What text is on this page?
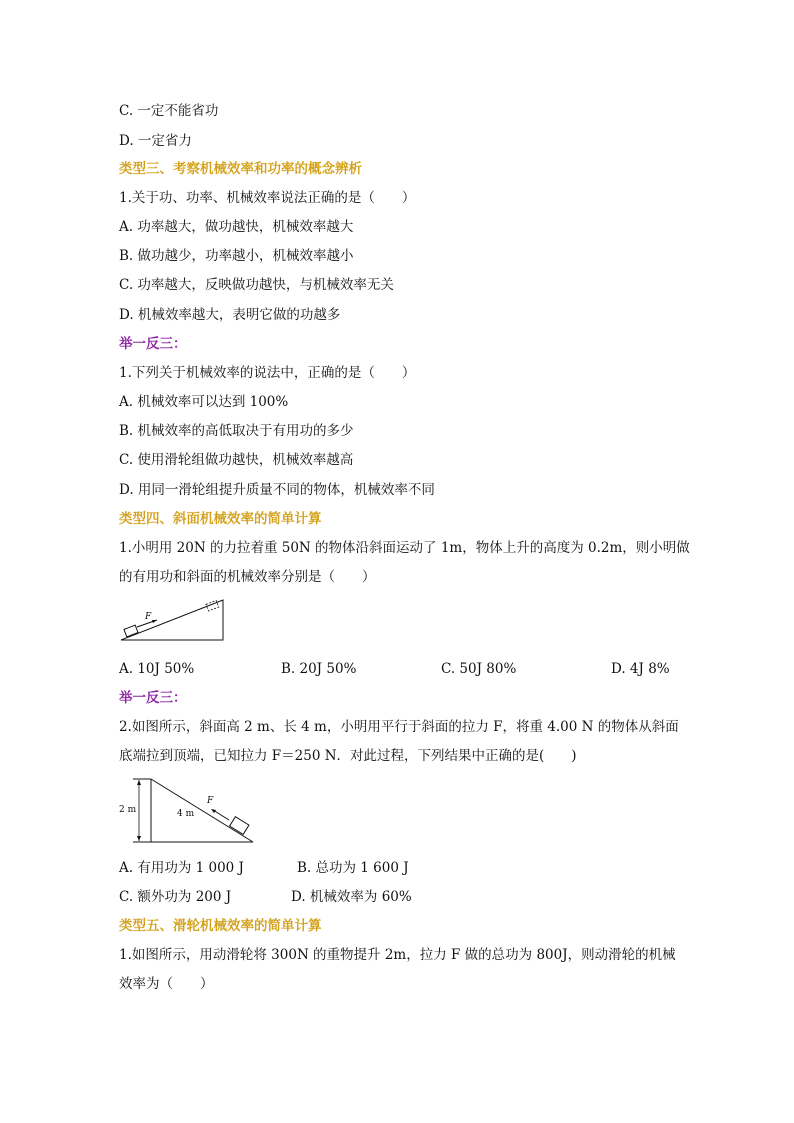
C. 一定不能省功
D. 一定省力
类型三、考察机械效率和功率的概念辨析
1.关于功、功率、机械效率说法正确的是（　　）
A. 功率越大，做功越快，机械效率越大
B. 做功越少，功率越小，机械效率越小
C. 功率越大，反映做功越快，与机械效率无关
D. 机械效率越大，表明它做的功越多
举一反三：
1.下列关于机械效率的说法中，正确的是（　　）
A. 机械效率可以达到 100%
B. 机械效率的高低取决于有用功的多少
C. 使用滑轮组做功越快，机械效率越高
D. 用同一滑轮组提升质量不同的物体，机械效率不同
类型四、斜面机械效率的简单计算
1.小明用 20N 的力拉着重 50N 的物体沿斜面运动了 1m，物体上升的高度为 0.2m，则小明做
的有用功和斜面的机械效率分别是（　　）
F
A. 10J 50%	B. 20J 50%	C. 50J 80%	D. 4J 8%
举一反三：
2.如图所示，斜面高 2 m、长 4 m，小明用平行于斜面的拉力 F，将重 4.00 N 的物体从斜面
底端拉到顶端，已知拉力 F＝250 N．对此过程，下列结果中正确的是(　　)
2 m	4 m
F
A. 有用功为 1 000 J	B. 总功为 1 600 J
C. 额外功为 200 J	D. 机械效率为 60%
类型五、滑轮机械效率的简单计算
1.如图所示，用动滑轮将 300N 的重物提升 2m，拉力 F 做的总功为 800J，则动滑轮的机械
效率为（　　）
